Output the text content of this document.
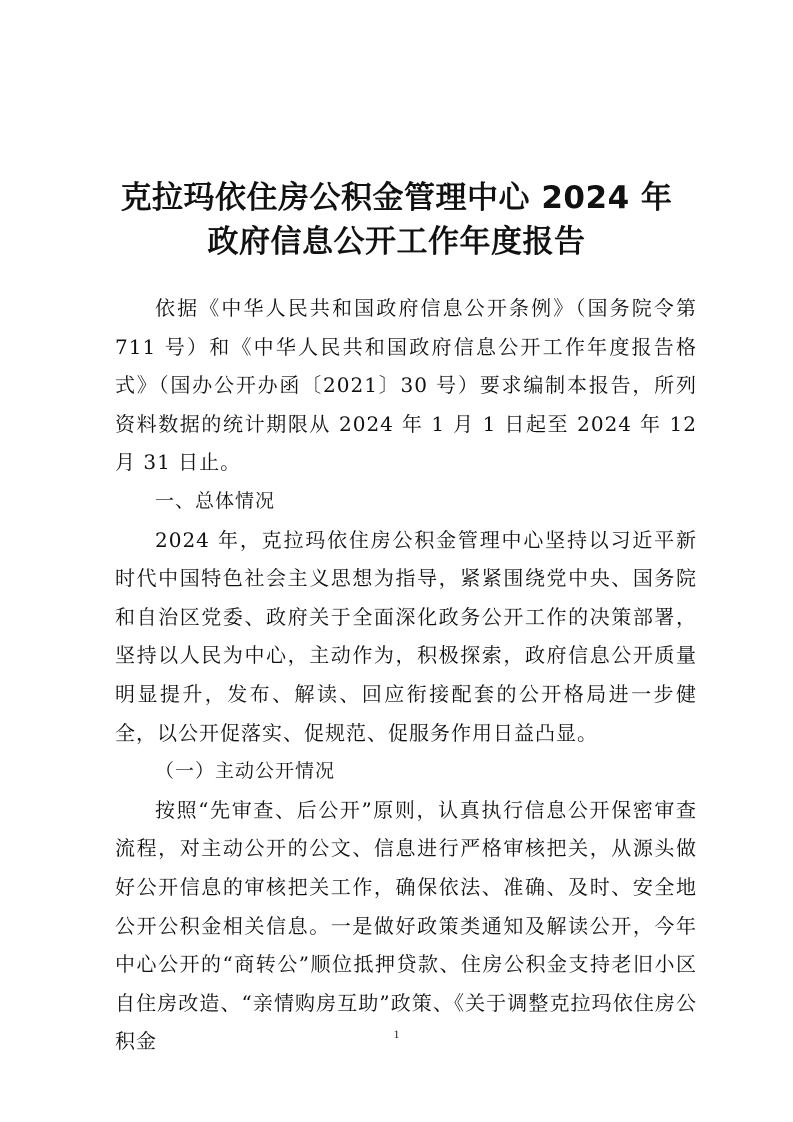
克拉玛依住房公积金管理中心 2024 年
政府信息公开工作年度报告

依据《中华人民共和国政府信息公开条例》（国务院令第711 号）和《中华人民共和国政府信息公开工作年度报告格式》（国办公开办函〔2021〕30 号）要求编制本报告，所列资料数据的统计期限从 2024 年 1 月 1 日起至 2024 年 12 月 31 日止。

一、总体情况

2024 年，克拉玛依住房公积金管理中心坚持以习近平新时代中国特色社会主义思想为指导，紧紧围绕党中央、国务院和自治区党委、政府关于全面深化政务公开工作的决策部署，坚持以人民为中心，主动作为，积极探索，政府信息公开质量明显提升，发布、解读、回应衔接配套的公开格局进一步健全，以公开促落实、促规范、促服务作用日益凸显。

（一）主动公开情况

按照“先审查、后公开”原则，认真执行信息公开保密审查流程，对主动公开的公文、信息进行严格审核把关，从源头做好公开信息的审核把关工作，确保依法、准确、及时、安全地公开公积金相关信息。一是做好政策类通知及解读公开，今年中心公开的“商转公”顺位抵押贷款、住房公积金支持老旧小区自住房改造、“亲情购房互助”政策、《关于调整克拉玛依住房公积金	1
